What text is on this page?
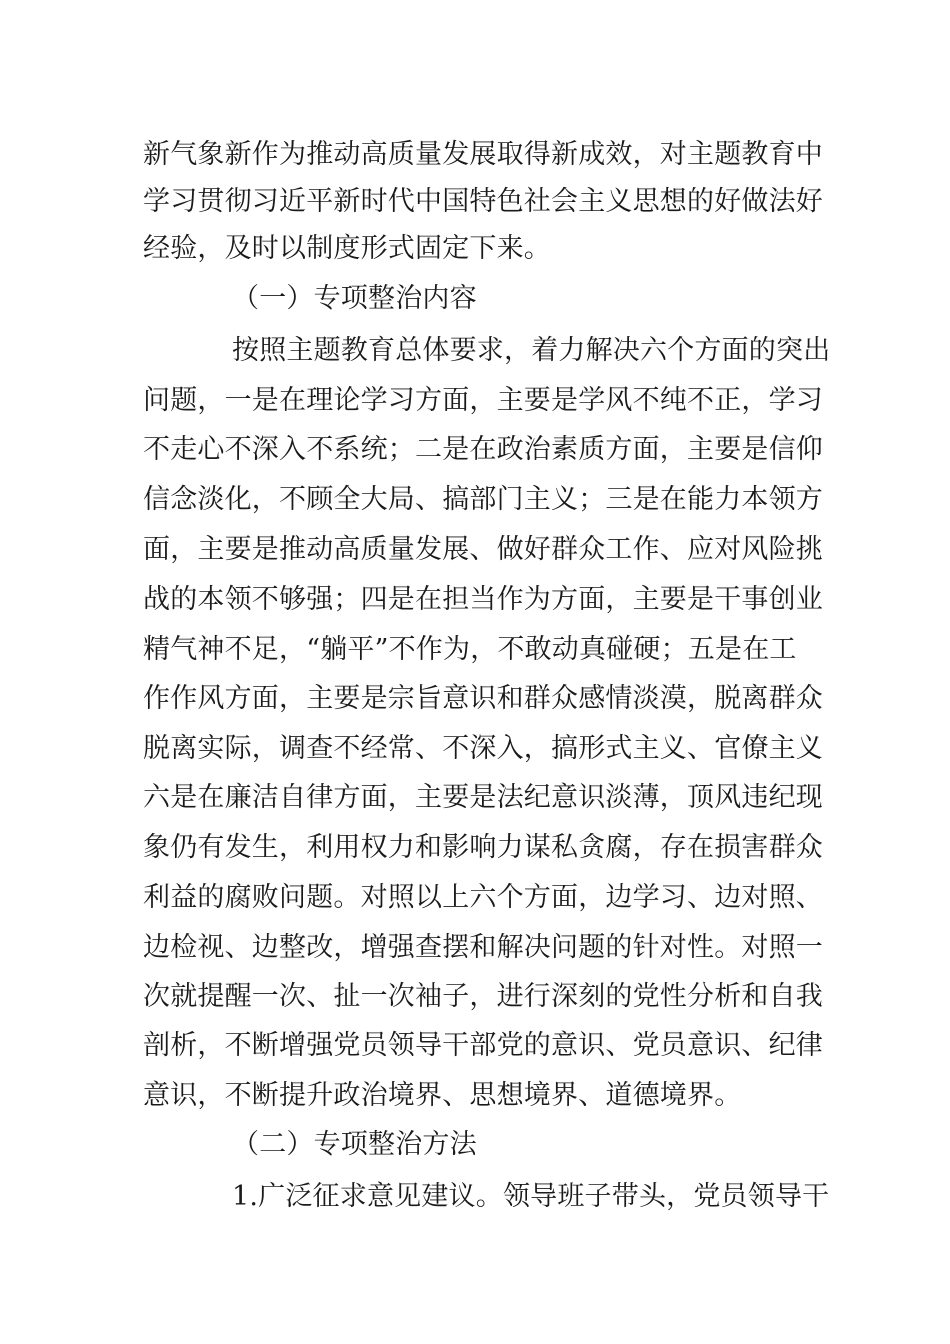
新气象新作为推动高质量发展取得新成效，对主题教育中
学习贯彻习近平新时代中国特色社会主义思想的好做法好
经验，及时以制度形式固定下来。
（一）专项整治内容
按照主题教育总体要求，着力解决六个方面的突出
问题，一是在理论学习方面，主要是学风不纯不正，学习
不走心不深入不系统；二是在政治素质方面，主要是信仰
信念淡化，不顾全大局、搞部门主义；三是在能力本领方
面，主要是推动高质量发展、做好群众工作、应对风险挑
战的本领不够强；四是在担当作为方面，主要是干事创业
精气神不足，“躺平”不作为，不敢动真碰硬；五是在工
作作风方面，主要是宗旨意识和群众感情淡漠，脱离群众
脱离实际，调查不经常、不深入，搞形式主义、官僚主义
六是在廉洁自律方面，主要是法纪意识淡薄，顶风违纪现
象仍有发生，利用权力和影响力谋私贪腐，存在损害群众
利益的腐败问题。对照以上六个方面，边学习、边对照、
边检视、边整改，增强查摆和解决问题的针对性。对照一
次就提醒一次、扯一次袖子，进行深刻的党性分析和自我
剖析，不断增强党员领导干部党的意识、党员意识、纪律
意识，不断提升政治境界、思想境界、道德境界。
（二）专项整治方法
1.广泛征求意见建议。领导班子带头，党员领导干
